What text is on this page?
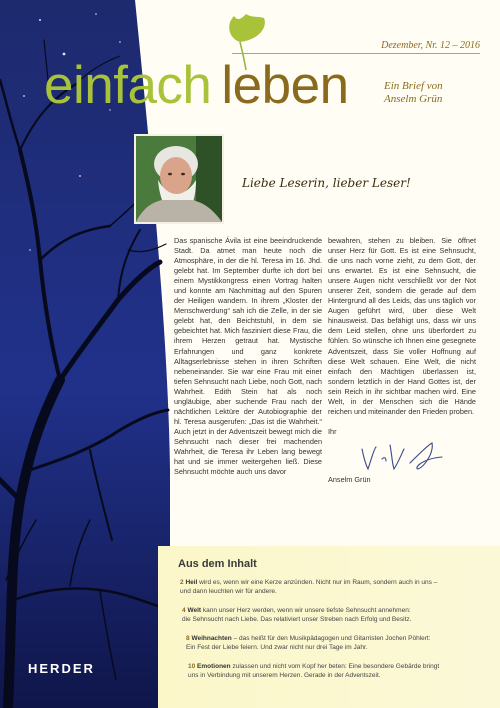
Dezember, Nr. 12 – 2016
einfach leben	Ein Brief von
Anselm Grün
Liebe Leserin, lieber Leser!

Das spanische Ávila ist eine beeindruckende Stadt. Da atmet man heute noch die Atmosphäre, in der die hl. Teresa im 16. Jhd. gelebt hat. Im September durfte ich dort bei einem Mystikkongress einen Vortrag halten und konnte am Nachmittag auf den Spuren der Heiligen wandern. In ihrem „Kloster der Menschwerdung“ sah ich die Zelle, in der sie gelebt hat, den Beichtstuhl, in dem sie gebeichtet hat. Mich fasziniert diese Frau, die ihrem Herzen getraut hat. Mystische Erfahrungen und ganz konkrete Alltagserlebnisse stehen in ihren Schriften nebeneinander. Sie war eine Frau mit einer tiefen Sehnsucht nach Liebe, noch Gott, nach Wahrheit. Edith Stein hat als noch ungläubige, aber suchende Frau nach der nächtlichen Lektüre der Autobiographie der hl. Teresa ausgerufen: „Das ist die Wahrheit.“ Auch jetzt in der Adventszeit bewegt mich die Sehnsucht nach dieser frei machenden Wahrheit, die Teresa ihr Leben lang bewegt hat und sie immer weitergehen ließ. Diese Sehnsucht möchte auch uns davor

bewahren, stehen zu bleiben. Sie öffnet unser Herz für Gott. Es ist eine Sehnsucht, die uns nach vorne zieht, zu dem Gott, der uns erwartet. Es ist eine Sehnsucht, die unsere Augen nicht verschließt vor der Not unserer Zeit, sondern die gerade auf dem Hintergrund all des Leids, das uns täglich vor Augen geführt wird, über diese Welt hinausweist. Das befähigt uns, dass wir uns dem Leid stellen, ohne uns überfordert zu fühlen. So wünsche ich Ihnen eine gesegnete Adventszeit, dass Sie voller Hoffnung auf diese Welt schauen. Eine Welt, die nicht einfach den Mächtigen überlassen ist, sondern letztlich in der Hand Gottes ist, der sein Reich in ihr sichtbar machen wird. Eine Welt, in der Menschen sich die Hände reichen und miteinander den Frieden proben.

Ihr
Anselm Grün
Aus dem Inhalt
2 Heil wird es, wenn wir eine Kerze anzünden. Nicht nur im Raum, sondern auch in uns –
und dann leuchten wir für andere.
4 Welt kann unser Herz werden, wenn wir unsere tiefste Sehnsucht annehmen:
die Sehnsucht nach Liebe. Das relativiert unser Streben nach Erfolg und Besitz.
8 Weihnachten – das heißt für den Musikpädagogen und Gitarristen Jochen Pöhlert:
Ein Fest der Liebe feiern. Und zwar nicht nur drei Tage im Jahr.
10 Emotionen zulassen und nicht vom Kopf her beten: Eine besondere Gebärde bringt
uns in Verbindung mit unserem Herzen. Gerade in der Adventszeit.
HERDER
